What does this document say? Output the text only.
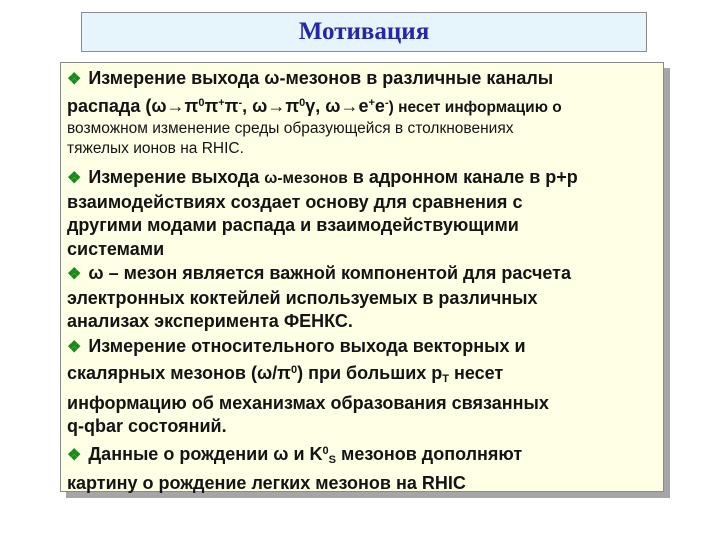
Мотивация
❖ Измерение выхода ω-мезонов в различные каналы
распада ($\omega\to\pi^0\pi^+\pi^-$, $\omega\to\pi^0\gamma$, ω→e+e-) несет информацию о
возможном изменение среды образующейся в столкновениях
тяжелых ионов на RHIC.
❖ Измерение выхода ω-мезонов в адронном канале в p+p
взаимодействиях создает основу для сравнения с
другими модами распада и взаимодействующими
системами
❖ ω – мезон является важной компонентой для расчета
электронных коктейлей используемых в различных
анализах эксперимента ФЕНКС.
❖ Измерение относительного выхода векторных и
скалярных мезонов $(\omega/\pi^0)$ при больших $p_T$ несет
информацию об механизмах образования связанных
q-qbar состояний.
❖ Данные о рождении ω и $K^0_S$ мезонов дополняют
картину о рождение легких мезонов на RHIC
